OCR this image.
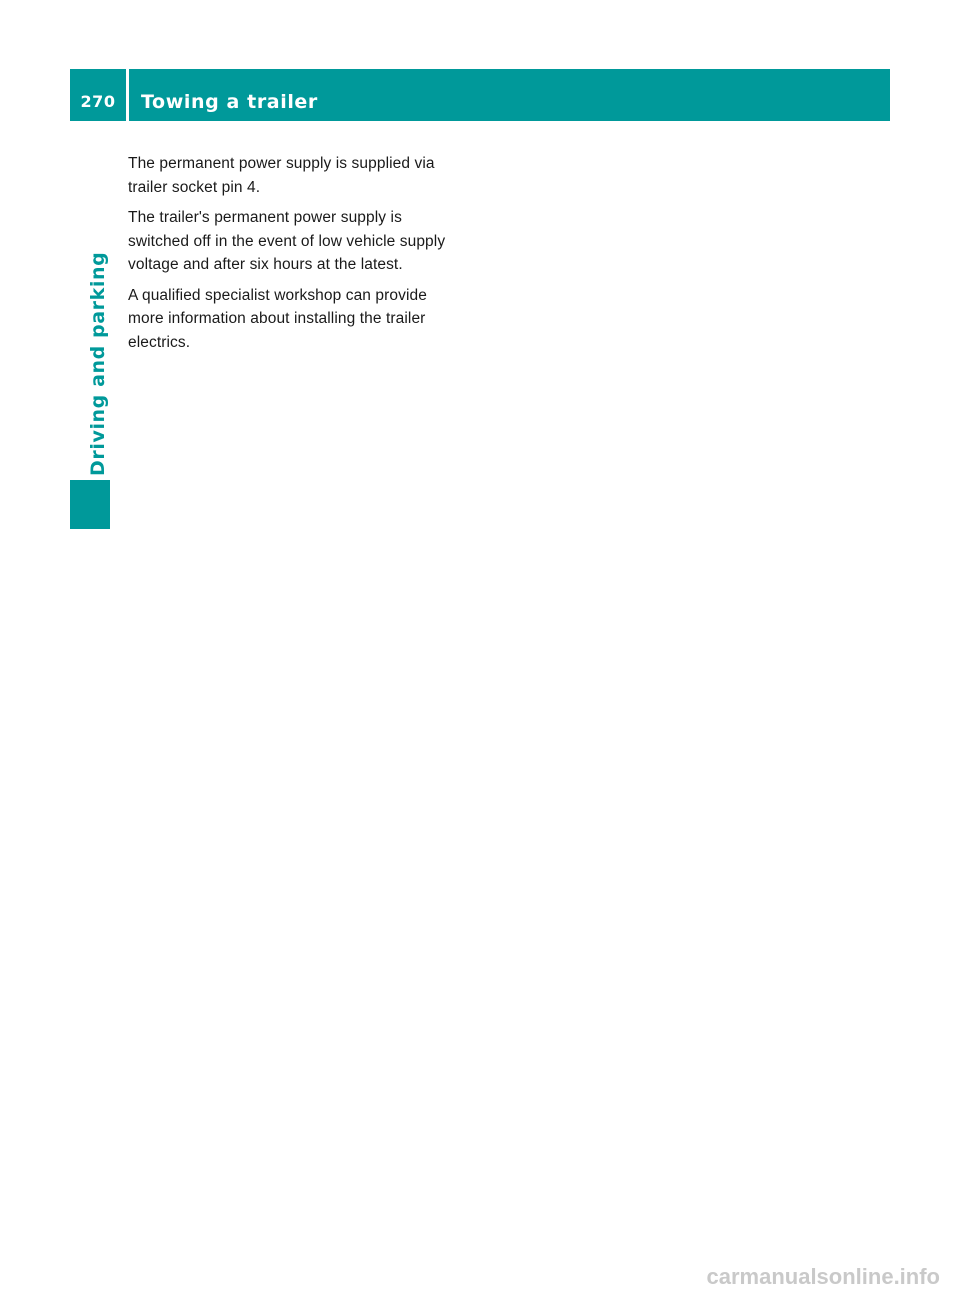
270	Towing a trailer
Driving and parking

The permanent power supply is supplied via trailer socket pin 4.

The trailer's permanent power supply is switched off in the event of low vehicle supply voltage and after six hours at the latest.

A qualified specialist workshop can provide more information about installing the trailer electrics.

carmanualsonline.info
